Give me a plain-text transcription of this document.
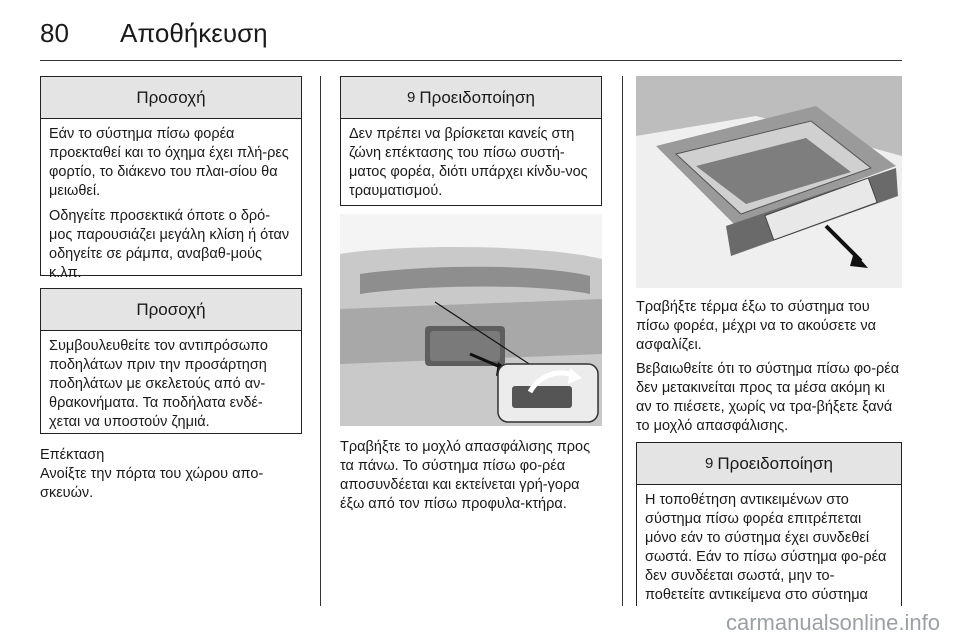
80 Αποθήκευση
Προσοχή

Εάν το σύστημα πίσω φορέα προεκταθεί και το όχημα έχει πλή-ρες φορτίο, το διάκενο του πλαι-σίου θα μειωθεί.

Οδηγείτε προσεκτικά όποτε ο δρό-μος παρουσιάζει μεγάλη κλίση ή όταν οδηγείτε σε ράμπα, αναβαθ-μούς κ.λπ.

Προσοχή

Συμβουλευθείτε τον αντιπρόσωπο ποδηλάτων πριν την προσάρτηση ποδηλάτων με σκελετούς από αν-θρακονήματα. Τα ποδήλατα ενδέ-χεται να υποστούν ζημιά.

Επέκταση
Ανοίξτε την πόρτα του χώρου απο-σκευών.
9 Προειδοποίηση

Δεν πρέπει να βρίσκεται κανείς στη ζώνη επέκτασης του πίσω συστή-ματος φορέα, διότι υπάρχει κίνδυ-νος τραυματισμού.

Τραβήξτε το μοχλό απασφάλισης προς τα πάνω. Το σύστημα πίσω φο-ρέα αποσυνδέεται και εκτείνεται γρή-γορα έξω από τον πίσω προφυλα-κτήρα.

Τραβήξτε τέρμα έξω το σύστημα του πίσω φορέα, μέχρι να το ακούσετε να ασφαλίζει.

Βεβαιωθείτε ότι το σύστημα πίσω φο-ρέα δεν μετακινείται προς τα μέσα ακόμη κι αν το πιέσετε, χωρίς να τρα-βήξετε ξανά το μοχλό απασφάλισης.

9 Προειδοποίηση

Η τοποθέτηση αντικειμένων στο σύστημα πίσω φορέα επιτρέπεται μόνο εάν το σύστημα έχει συνδεθεί σωστά. Εάν το πίσω σύστημα φο-ρέα δεν συνδέεται σωστά, μην το-ποθετείτε αντικείμενα στο σύστημα

carmanualsonline.info
